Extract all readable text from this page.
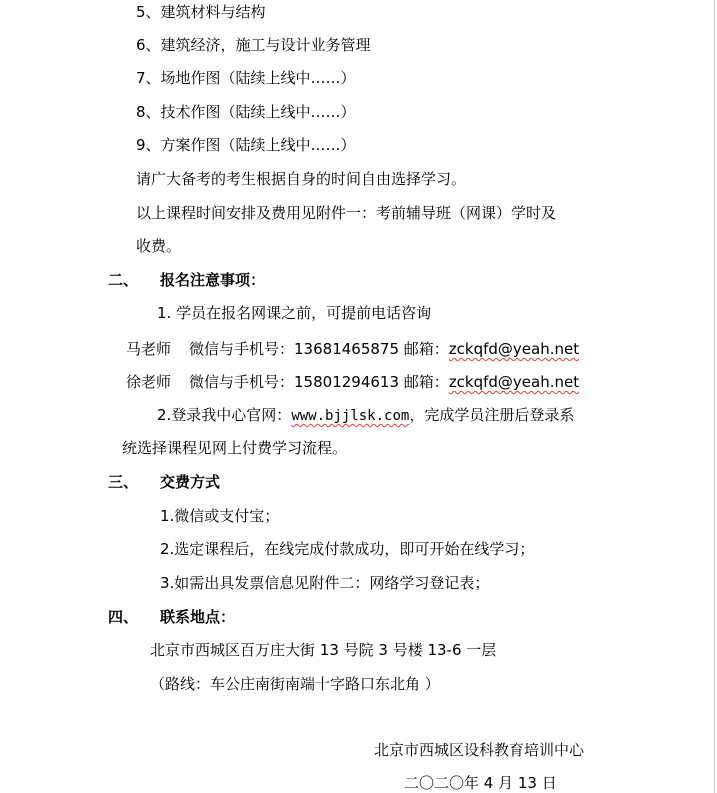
5、建筑材料与结构
6、建筑经济，施工与设计业务管理
7、场地作图（陆续上线中……）
8、技术作图（陆续上线中……）
9、方案作图（陆续上线中……）
请广大备考的考生根据自身的时间自由选择学习。
以上课程时间安排及费用见附件一：考前辅导班（网课）学时及
收费。
二、 报名注意事项：
1. 学员在报名网课之前，可提前电话咨询
马老师 微信与手机号：13681465875 邮箱：zckqfd@yeah.net
徐老师 微信与手机号：15801294613 邮箱：zckqfd@yeah.net
2.登录我中心官网：www.bjjlsk.com，完成学员注册后登录系
统选择课程见网上付费学习流程。
三、 交费方式
1.微信或支付宝；
2.选定课程后，在线完成付款成功，即可开始在线学习；
3.如需出具发票信息见附件二：网络学习登记表；
四、 联系地点：
北京市西城区百万庄大街 13 号院 3 号楼 13-6 一层
（路线：车公庄南街南端十字路口东北角 ）
北京市西城区设科教育培训中心
二〇二〇年 4 月 13 日
